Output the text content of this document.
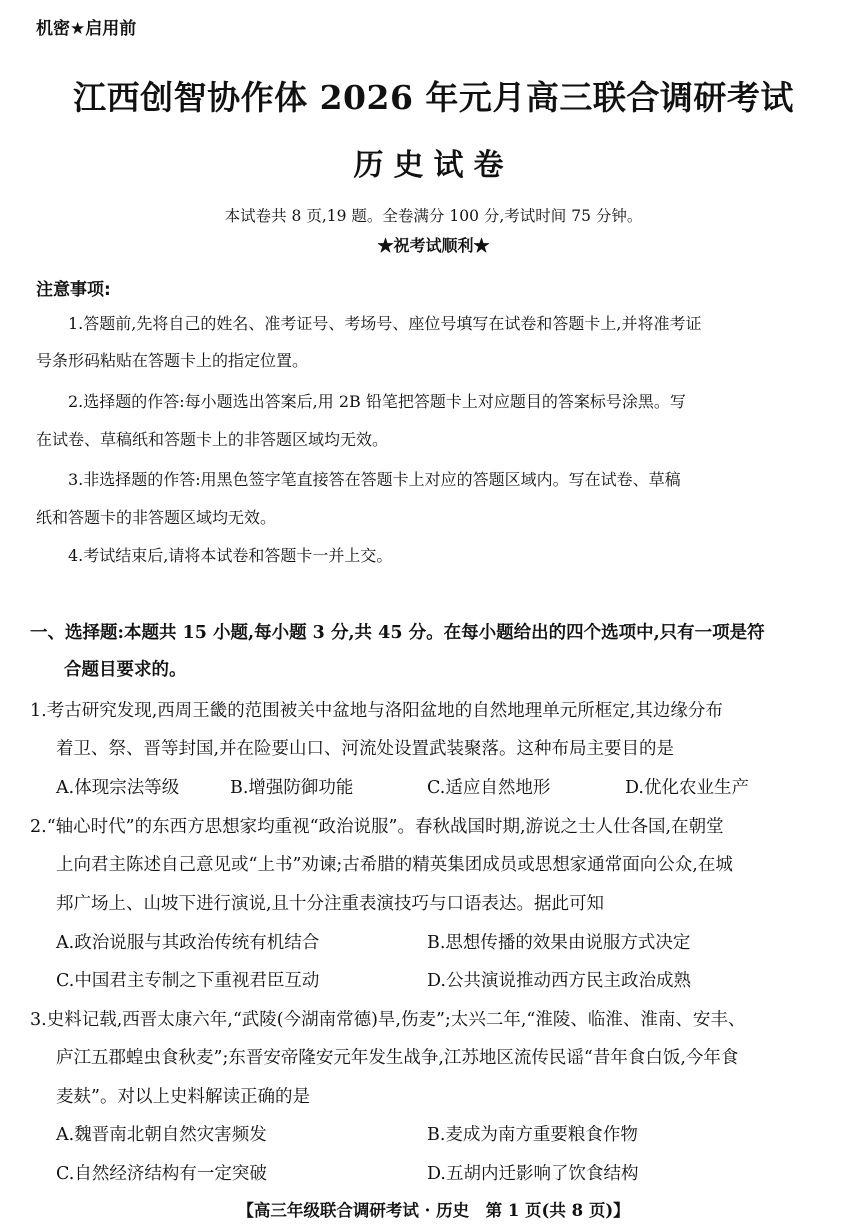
机密★启用前
江西创智协作体 2026 年元月高三联合调研考试
历史试卷
本试卷共 8 页,19 题。全卷满分 100 分,考试时间 75 分钟。
★祝考试顺利★
注意事项:
1.答题前,先将自己的姓名、准考证号、考场号、座位号填写在试卷和答题卡上,并将准考证
号条形码粘贴在答题卡上的指定位置。
2.选择题的作答:每小题选出答案后,用 2B 铅笔把答题卡上对应题目的答案标号涂黑。写
在试卷、草稿纸和答题卡上的非答题区域均无效。
3.非选择题的作答:用黑色签字笔直接答在答题卡上对应的答题区域内。写在试卷、草稿
纸和答题卡的非答题区域均无效。
4.考试结束后,请将本试卷和答题卡一并上交。
一、选择题:本题共 15 小题,每小题 3 分,共 45 分。在每小题给出的四个选项中,只有一项是符
合题目要求的。
1.考古研究发现,西周王畿的范围被关中盆地与洛阳盆地的自然地理单元所框定,其边缘分布
着卫、祭、晋等封国,并在险要山口、河流处设置武装聚落。这种布局主要目的是
A.体现宗法等级	B.增强防御功能	C.适应自然地形	D.优化农业生产
2.“轴心时代”的东西方思想家均重视“政治说服”。春秋战国时期,游说之士人仕各国,在朝堂
上向君主陈述自己意见或“上书”劝谏;古希腊的精英集团成员或思想家通常面向公众,在城
邦广场上、山坡下进行演说,且十分注重表演技巧与口语表达。据此可知
A.政治说服与其政治传统有机结合	B.思想传播的效果由说服方式决定
C.中国君主专制之下重视君臣互动	D.公共演说推动西方民主政治成熟
3.史料记载,西晋太康六年,“武陵(今湖南常德)旱,伤麦”;太兴二年,“淮陵、临淮、淮南、安丰、
庐江五郡蝗虫食秋麦”;东晋安帝隆安元年发生战争,江苏地区流传民谣“昔年食白饭,今年食
麦麸”。对以上史料解读正确的是
A.魏晋南北朝自然灾害频发	B.麦成为南方重要粮食作物
C.自然经济结构有一定突破	D.五胡内迁影响了饮食结构
【高三年级联合调研考试 · 历史　第 1 页(共 8 页)】
